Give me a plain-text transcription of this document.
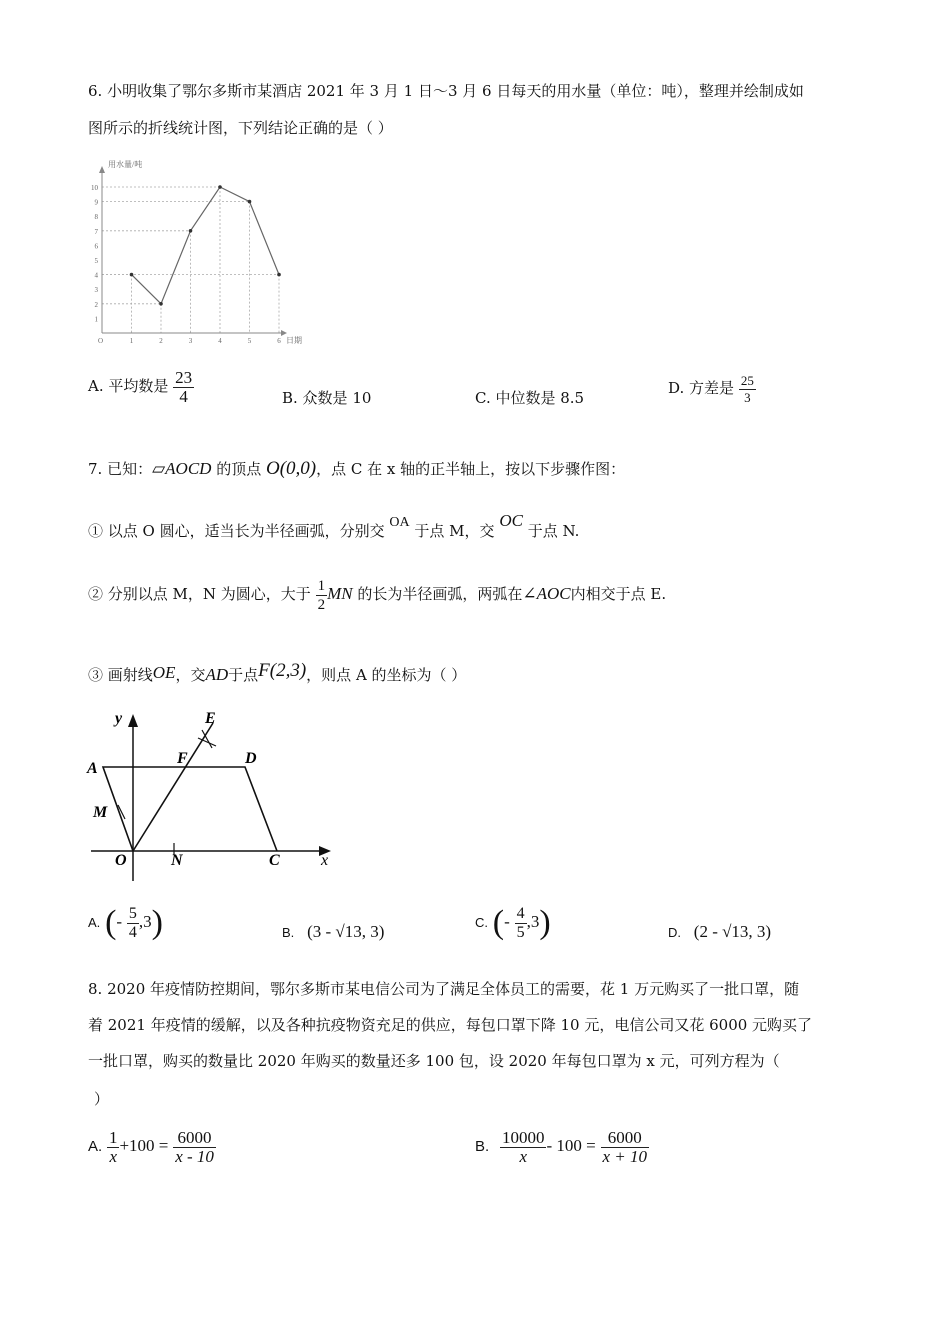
6. 小明收集了鄂尔多斯市某酒店 2021 年 3 月 1 日～3 月 6 日每天的用水量（单位：吨），整理并绘制成如
图所示的折线统计图，下列结论正确的是（ ）
用水量/吨
日期
O
1
2
3
4
5
6
7
8
9
10
1	2	3	4	5	6
A. 平均数是 $\frac{23}{4}$	B. 众数是 10	C. 中位数是 8.5
D. 方差是 $\frac{25}{3}$
7. 已知：▱AOCD 的顶点 O(0,0)，点 C 在 x 轴的正半轴上，按以下步骤作图：
① 以点 O 圆心，适当长为半径画弧，分别交 OA 于点 M，交 OC 于点 N.
② 分别以点 M，N 为圆心，大于 $\frac{1}{2}$ MN 的长为半径画弧，两弧在∠AOC内相交于点 E.
③ 画射线OE，交AD于点F(2,3)，则点 A 的坐标为（ ）
y
x
A
D
E
F
M
O	N	C
A. (- $\frac{5}{4} ,3$)	B. (3 - √13, 3)	C. (- $\frac{4}{5} ,3$)	D. (2 - √13, 3)
8. 2020 年疫情防控期间，鄂尔多斯市某电信公司为了满足全体员工的需要，花 1 万元购买了一批口罩，随
着 2021 年疫情的缓解，以及各种抗疫物资充足的供应，每包口罩下降 10 元，电信公司又花 6000 元购买了
一批口罩，购买的数量比 2020 年购买的数量还多 100 包，设 2020 年每包口罩为 x 元，可列方程为（
）
A. $\frac{1}{x} +100 = \frac{6000}{x - 10}$	B. $\frac{10000}{x} - 100 = \frac{6000}{x + 10}$
